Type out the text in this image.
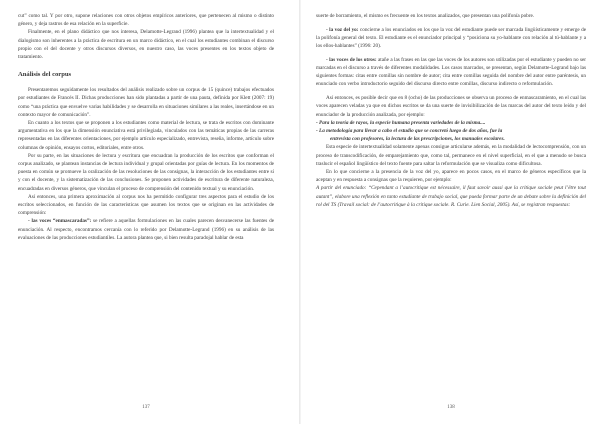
cut” como tal. Y por otro, supone relaciones con otros objetos empíricos anteriores, que pertenecen al mismo o distinto género, y deja rastros de esa relación en la superficie.

Finalmente, en el plano didáctico que nos interesa, Delamotte-Legrand (1996) plantea que la intertextualidad y el dialogismo son inherentes a la práctica de escritura en un marco didáctico, en el cual los estudiantes combinan el discurso propio con el del docente y otros discursos diversos, en nuestro caso, las voces presentes en los textos objeto de tratamiento.

Análisis del corpus

Presentaremos seguidamente los resultados del análisis realizado sobre un corpus de 15 (quince) trabajos efectuados por estudiantes de Francés II. Dichas producciones han sido plantadas a partir de una pauta, definida por Klett (2007: 19) como “una práctica que envuelve varias habilidades y se desarrolla en situaciones similares a las reales, insertándose en un contexto mayor de comunicación”.

En cuanto a los textos que se proponen a los estudiantes como material de lectura, se trata de escritos con dominante argumentativa en los que la dimensión enunciativa está privilegiada, vinculados con las temáticas propias de las carreras representadas en las diferentes orientaciones, por ejemplo artículo especializado, entrevista, reseña, informe, artículo sobre columnas de opinión, ensayos cortos, editoriales, entre otros.

Por su parte, en las situaciones de lectura y escritura que encuadran la producción de los escritos que conforman el corpus analizado, se plantean instancias de lectura individual y grupal orientadas por guías de lectura. En los momentos de puesta en común se promueve la oralización de las resoluciones de las consignas, la interacción de los estudiantes entre sí y con el docente, y la sistematización de las conclusiones. Se proponen actividades de escritura de diferente naturaleza, encuadradas en diversos géneros, que vinculan el proceso de comprensión del contenido textual y su enunciación.

Así entonces, una primera aproximación al corpus nos ha permitido configurar tres aspectos para el estudio de los escritos seleccionados, en función de las características que asumen los textos que se originan en las actividades de comprensión:

- las voces “enmascaradas”: se refiere a aquellas formulaciones en las cuales parecen desvanecerse las fuentes de enunciación. Al respecto, encontramos cercanía con lo referido por Delamotte-Legrand (1996) en su análisis de las evaluaciones de las producciones estudiantiles. La autora plantea que, si bien resulta paradojal hablar de esta

137

suerte de borramiento, el mismo es frecuente en los textos analizados, que presentan una polifonía pobre.

- la voz del yo: concierne a los enunciados en los que la voz del estudiante puede ser marcada lingüísticamente y emerge de la polifonía general del texto. El estudiante es el enunciador principal y “posiciona su yo-hablante con relación al tú-hablante y a los ellos-hablantes” (1996: 20).

- las voces de los otros: atañe a las frases en las que las voces de los autores son utilizadas por el estudiante y pueden no ser marcadas en el discurso a través de diferentes modalidades. Los casos marcados, se presentan, según Delamotte-Legrand bajo las siguientes formas: citas entre comillas sin nombre de autor; cita entre comillas seguida del nombre del autor entre paréntesis, un enunciado con verbo introductorio seguido del discurso directo entre comillas, discurso indirecto o reformulación.

Así entonces, es posible decir que en 8 (ocho) de las producciones se observa un proceso de enmascaramiento, en el cual las voces aparecen veladas ya que en dichos escritos se da una suerte de invisibilización de las marcas del autor del texto leído y del enunciador de la producción analizada, por ejemplo:

- Para la teoría de rayos, la especie humana presenta variedades de la misma....

- La metodología para llevar a cabo el estudio que se concretó luego de dos años, fue la

entrevista con profesores, la lectura de las prescripciones, los manuales escolares.

Esta especie de intertextualidad solamente apenas consigue articularse además, en la modalidad de lectocomprensión, con un proceso de transcodificación, de emparejamiento que, como tal, permanece en el nivel superficial, en el que a menudo se busca traslucir el español lingüístico del texto fuente para saltar la reformulación que se visualiza como dificultosa.

En lo que concierne a la presencia de la voz del yo, aparece en pocos casos, en el marco de géneros específicos que la aceptan y en respuesta a consignas que la requieren, por ejemplo:

A partir del enunciado: “Cependant a l’autocritique est nécessaire, il faut savoir aussi que la critique sociale peut l’être tout autant”, elabore una reflexión en tanto estudiante de trabajo social, que pueda formar parte de un debate sobre la definición del rol del TS (Travail social: de l’autocritique à la critique sociale. R. Curie. Lien Social, 2005). Así, se registran respuestas:

138
